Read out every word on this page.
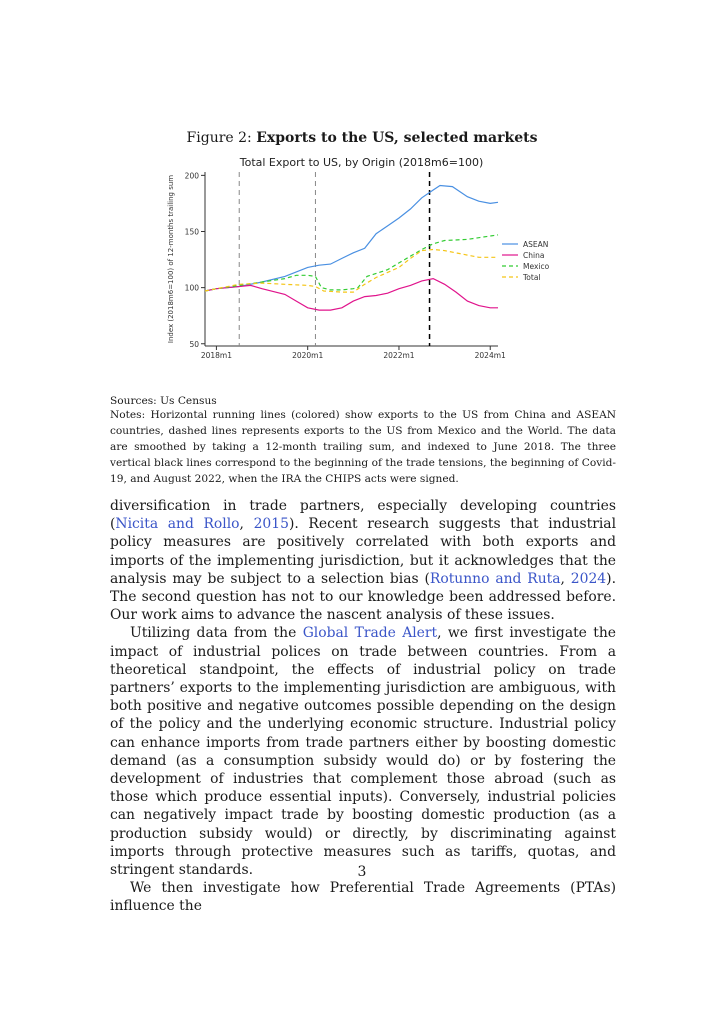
Figure 2: Exports to the US, selected markets
Total Export to US, by Origin (2018m6=100)
Index (2018m6=100) of 12-months trailing sum
50
100
150
200
2018m1	2020m1	2022m1	2024m1
ASEAN
China
Mexico
Total
Sources: Us Census
Notes: Horizontal running lines (colored) show exports to the US from China and ASEAN countries, dashed lines represents exports to the US from Mexico and the World. The data are smoothed by taking a 12-month trailing sum, and indexed to June 2018. The three vertical black lines correspond to the beginning of the trade tensions, the beginning of Covid-19, and August 2022, when the IRA the CHIPS acts were signed.

diversification in trade partners, especially developing countries (Nicita and Rollo, 2015). Recent research suggests that industrial policy measures are positively correlated with both exports and imports of the implementing jurisdiction, but it acknowledges that the analysis may be subject to a selection bias (Rotunno and Ruta, 2024). The second question has not to our knowledge been addressed before. Our work aims to advance the nascent analysis of these issues.

Utilizing data from the Global Trade Alert, we first investigate the impact of industrial polices on trade between countries. From a theoretical standpoint, the effects of industrial policy on trade partners’ exports to the implementing jurisdiction are ambiguous, with both positive and negative outcomes possible depending on the design of the policy and the underlying economic structure. Industrial policy can enhance imports from trade partners either by boosting domestic demand (as a consumption subsidy would do) or by fostering the development of industries that complement those abroad (such as those which produce essential inputs). Conversely, industrial policies can negatively impact trade by boosting domestic production (as a production subsidy would) or directly, by discriminating against imports through protective measures such as tariffs, quotas, and stringent standards.

We then investigate how Preferential Trade Agreements (PTAs) influence the

3
